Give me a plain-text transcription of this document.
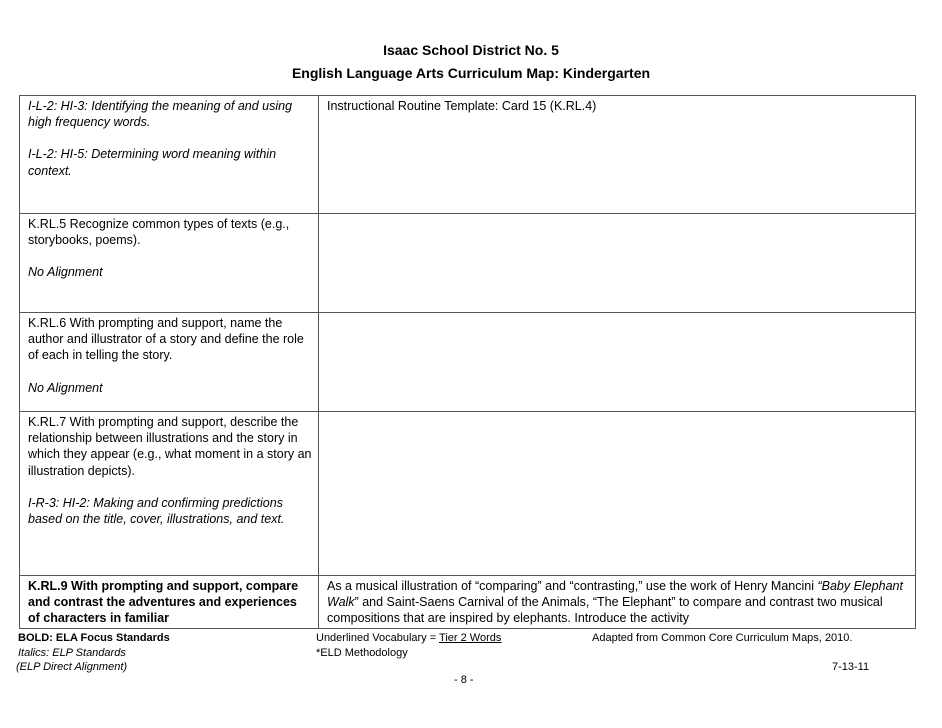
Isaac School District No. 5
English Language Arts Curriculum Map: Kindergarten
I-L-2: HI-3: Identifying the meaning of and using high frequency words.
I-L-2: HI-5: Determining word meaning within context.	Instructional Routine Template: Card 15 (K.RL.4)

K.RL.5 Recognize common types of texts (e.g., storybooks, poems).
No Alignment	

K.RL.6 With prompting and support, name the author and illustrator of a story and define the role of each in telling the story.
No Alignment	

K.RL.7 With prompting and support, describe the relationship between illustrations and the story in which they appear (e.g., what moment in a story an illustration depicts).
I-R-3: HI-2: Making and confirming predictions based on the title, cover, illustrations, and text.	

K.RL.9 With prompting and support, compare and contrast the adventures and experiences of characters in familiar	As a musical illustration of “comparing” and “contrasting,” use the work of Henry Mancini “Baby Elephant Walk” and Saint-Saens Carnival of the Animals, “The Elephant” to compare and contrast two musical compositions that are inspired by elephants. Introduce the activity
BOLD: ELA Focus Standards
Italics: ELP Standards
(ELP Direct Alignment)
Underlined Vocabulary = Tier 2 Words
*ELD Methodology
Adapted from Common Core Curriculum Maps, 2010.
7-13-11
- 8 -
